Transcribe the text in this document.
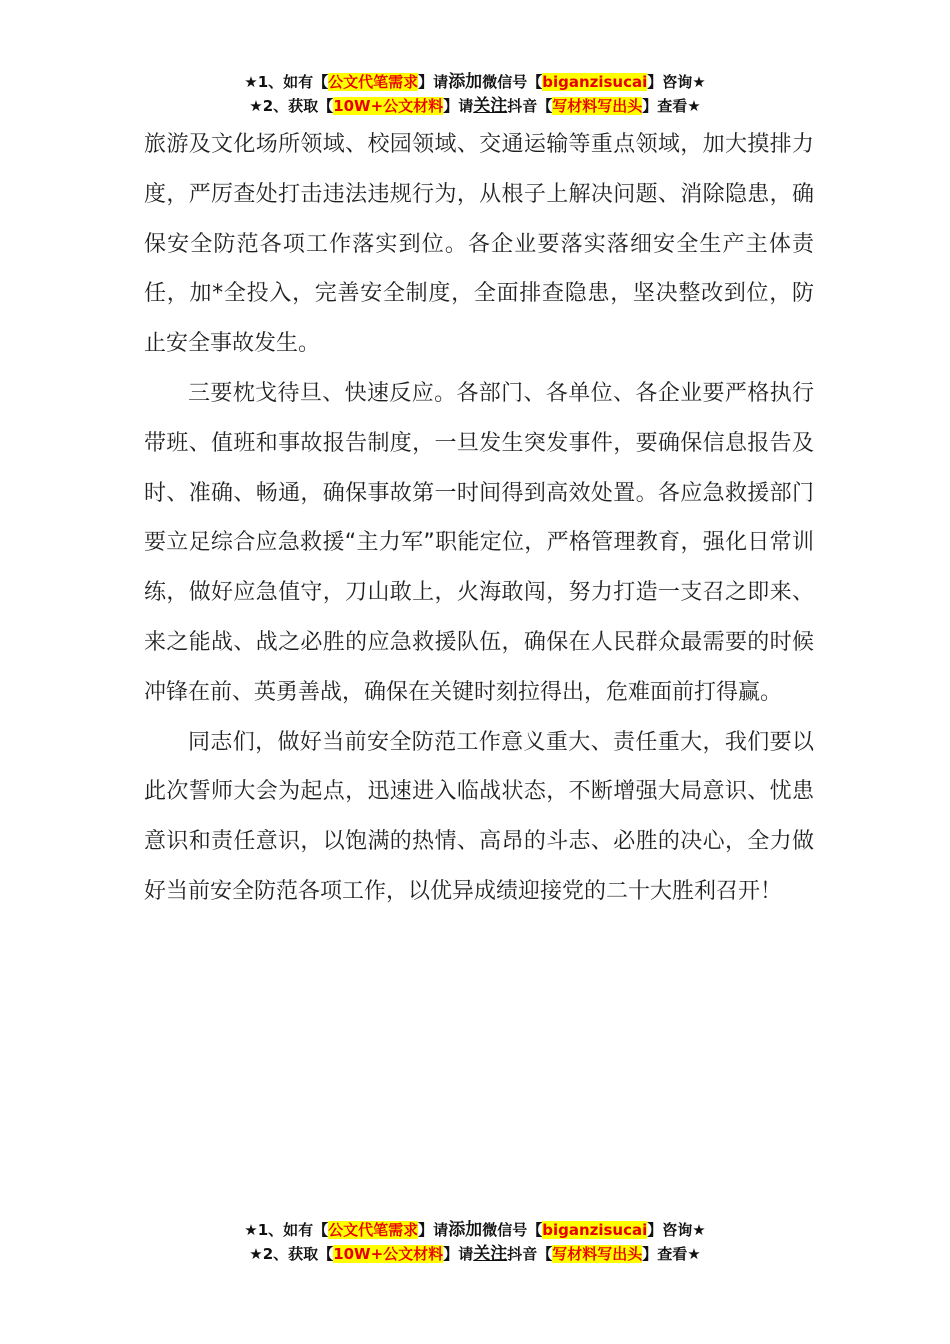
★1、如有【公文代笔需求】请添加微信号【biganzisucai】咨询★
★2、获取【10W+公文材料】请关注抖音【写材料写出头】查看★

旅游及文化场所领域、校园领域、交通运输等重点领域，加大摸排力度，严厉查处打击违法违规行为，从根子上解决问题、消除隐患，确保安全防范各项工作落实到位。各企业要落实落细安全生产主体责任，加*全投入，完善安全制度，全面排查隐患，坚决整改到位，防止安全事故发生。

三要枕戈待旦、快速反应。各部门、各单位、各企业要严格执行带班、值班和事故报告制度，一旦发生突发事件，要确保信息报告及时、准确、畅通，确保事故第一时间得到高效处置。各应急救援部门要立足综合应急救援“主力军”职能定位，严格管理教育，强化日常训练，做好应急值守，刀山敢上，火海敢闯，努力打造一支召之即来、来之能战、战之必胜的应急救援队伍，确保在人民群众最需要的时候冲锋在前、英勇善战，确保在关键时刻拉得出，危难面前打得赢。

同志们，做好当前安全防范工作意义重大、责任重大，我们要以此次誓师大会为起点，迅速进入临战状态，不断增强大局意识、忧患意识和责任意识，以饱满的热情、高昂的斗志、必胜的决心，全力做好当前安全防范各项工作，以优异成绩迎接党的二十大胜利召开！

★1、如有【公文代笔需求】请添加微信号【biganzisucai】咨询★
★2、获取【10W+公文材料】请关注抖音【写材料写出头】查看★
